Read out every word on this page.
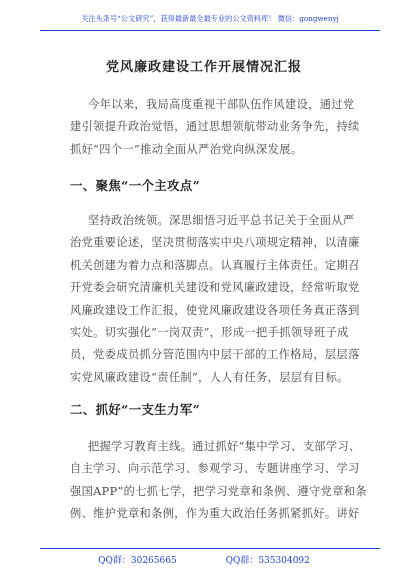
关注头条号“公文研究”，获得最新最全最专业的公文资料库！ 微信：gongwenyj
党风廉政建设工作开展情况汇报
今年以来，我局高度重视干部队伍作风建设，通过党
建引领提升政治觉悟，通过思想领航带动业务争先，持续
抓好“四个一”推动全面从严治党向纵深发展。
一、聚焦“一个主攻点”
坚持政治统领。深思细悟习近平总书记关于全面从严
治党重要论述，坚决贯彻落实中央八项规定精神，以清廉
机关创建为着力点和落脚点。认真履行主体责任。定期召
开党委会研究清廉机关建设和党风廉政建设，经常听取党
风廉政建设工作汇报，使党风廉政建设各项任务真正落到
实处。切实强化“一岗双责”，形成一把手抓领导班子成
员，党委成员抓分管范围内中层干部的工作格局，层层落
实党风廉政建设“责任制”，人人有任务，层层有目标。
二、抓好“一支生力军”
把握学习教育主线。通过抓好“集中学习、支部学习、
自主学习、向示范学习、参观学习、专题讲座学习、学习
强国APP”的七抓七学，把学习党章和条例、遵守党章和条
例、维护党章和条例，作为重大政治任务抓紧抓好。讲好
QQ群：30265665	QQ群：535304092
